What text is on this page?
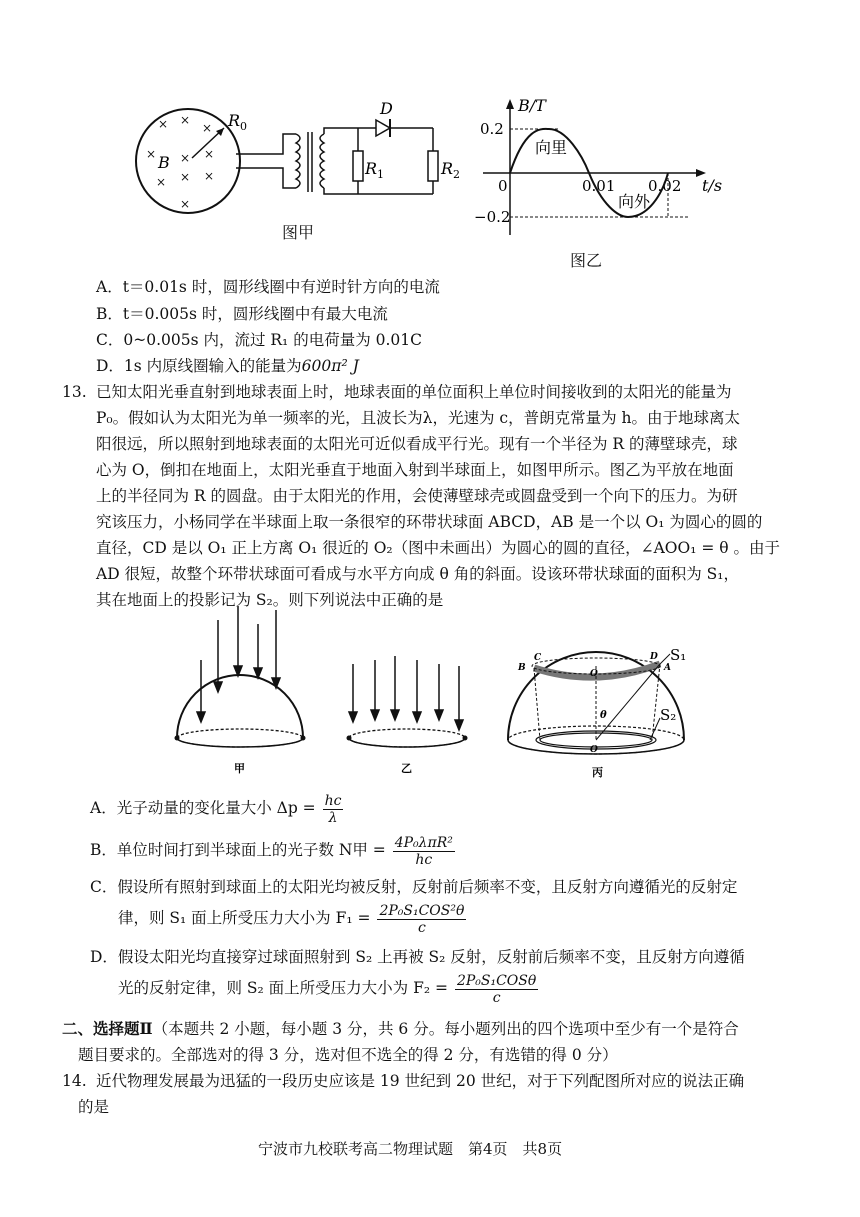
× ×
×
× ×
× × ×
×
×
$R_0$
B
D
$R_1$	$R_2$
图甲
B/T
t/s
0.2
−0.2
0	0.01 0.02
向里
向外
图乙
A．t＝0.01s 时，圆形线圈中有逆时针方向的电流
B．t＝0.005s 时，圆形线圈中有最大电流
C．0~0.005s 内，流过 R₁ 的电荷量为 0.01C
D．1s 内原线圈输入的能量为600π² J
13. 已知太阳光垂直射到地球表面上时，地球表面的单位面积上单位时间接收到的太阳光的能量为
P₀。假如认为太阳光为单一频率的光，且波长为λ，光速为 c，普朗克常量为 h。由于地球离太
阳很远，所以照射到地球表面的太阳光可近似看成平行光。现有一个半径为 R 的薄壁球壳，球
心为 O，倒扣在地面上，太阳光垂直于地面入射到半球面上，如图甲所示。图乙为平放在地面
上的半径同为 R 的圆盘。由于太阳光的作用，会使薄壁球壳或圆盘受到一个向下的压力。为研
究该压力，小杨同学在半球面上取一条很窄的环带状球面 ABCD，AB 是一个以 O₁ 为圆心的圆的
直径，CD 是以 O₁ 正上方离 O₁ 很近的 O₂（图中未画出）为圆心的圆的直径，∠AOO₁ = θ 。由于
AD 很短，故整个环带状球面可看成与水平方向成 θ 角的斜面。设该环带状球面的面积为 S₁，
其在地面上的投影记为 S₂。则下列说法中正确的是
甲	乙
B
C	D
A
O
O
θ
S₁
S₂
丙
A．光子动量的变化量大小 $\Delta p = \frac{hc}{\lambda}$
B．单位时间打到半球面上的光子数 N甲 = $\frac{\text{4P₀λπR²}}{hc}$
C．假设所有照射到球面上的太阳光均被反射，反射前后频率不变，且反射方向遵循光的反射定
律，则 S₁ 面上所受压力大小为 $F_1 = \frac{\text{2P₀S₁COS²θ}}{c}$
D．假设太阳光均直接穿过球面照射到 S₂ 上再被 S₂ 反射，反射前后频率不变，且反射方向遵循
光的反射定律，则 S₂ 面上所受压力大小为 $F_2 = \frac{\text{2P₀S₁COSθ}}{c}$
二、选择题Ⅱ（本题共 2 小题，每小题 3 分，共 6 分。每小题列出的四个选项中至少有一个是符合
题目要求的。全部选对的得 3 分，选对但不选全的得 2 分，有选错的得 0 分）
14. 近代物理发展最为迅猛的一段历史应该是 19 世纪到 20 世纪，对于下列配图所对应的说法正确
的是
宁波市九校联考高二物理试题　第4页　共8页
